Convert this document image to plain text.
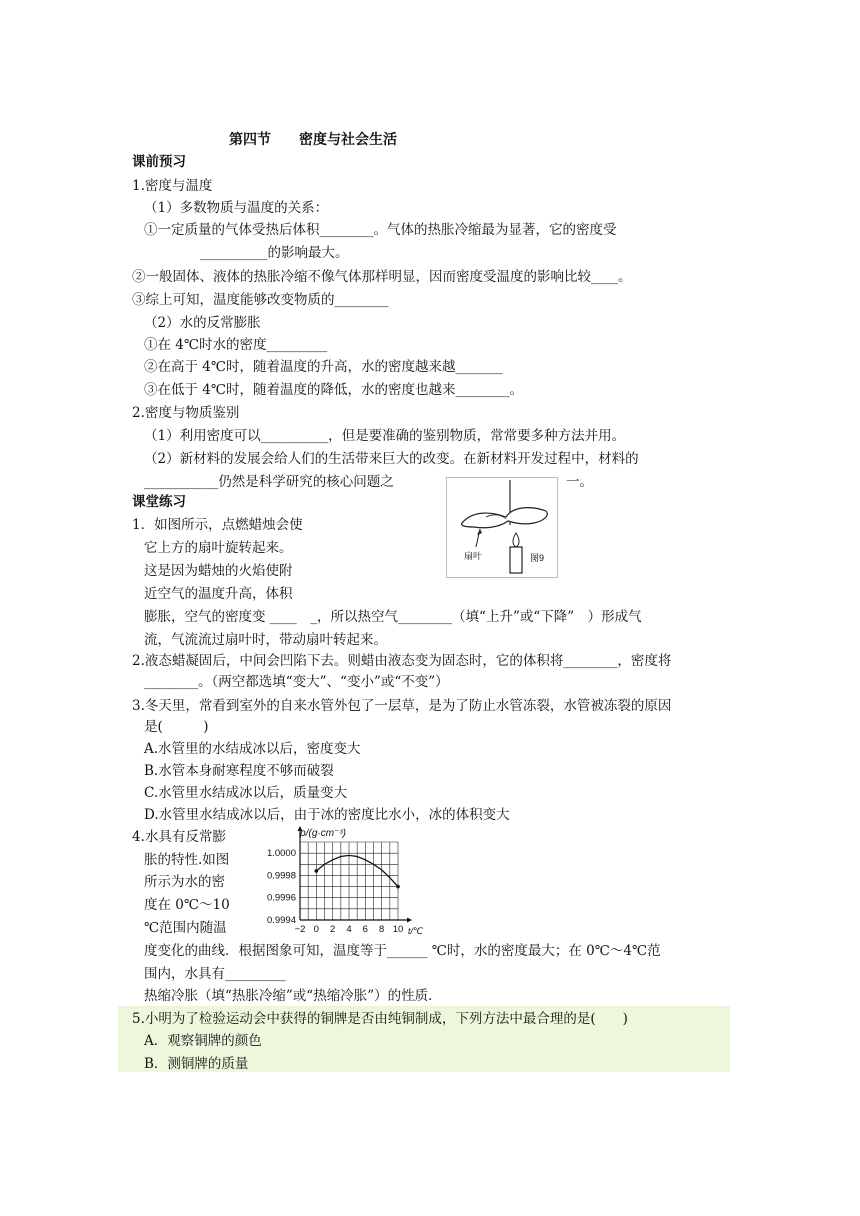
第四节　　密度与社会生活
课前预习
1.密度与温度
（1）多数物质与温度的关系：
①一定质量的气体受热后体积________。气体的热胀冷缩最为显著，它的密度受
__________的影响最大。
②一般固体、液体的热胀冷缩不像气体那样明显，因而密度受温度的影响比较____。
③综上可知，温度能够改变物质的________
（2）水的反常膨胀
①在 4℃时水的密度_________
②在高于 4℃时，随着温度的升高，水的密度越来越_______
③在低于 4℃时，随着温度的降低，水的密度也越来________。
2.密度与物质鉴别
（1）利用密度可以__________，但是要准确的鉴别物质，常常要多种方法并用。
（2）新材料的发展会给人们的生活带来巨大的改变。在新材料开发过程中，材料的
___________仍然是科学研究的核心问题之	一。
课堂练习
1．如图所示，点燃蜡烛会使
它上方的扇叶旋转起来。
这是因为蜡烛的火焰使附
近空气的温度升高，体积
膨胀，空气的密度变 ____　_，所以热空气________（填“上升”或“下降”　）形成气
流，气流流过扇叶时，带动扇叶转起来。
扇叶	图9
2.液态蜡凝固后，中间会凹陷下去。则蜡由液态变为固态时，它的体积将________，密度将
________。（两空都选填“变大”、“变小”或“不变”）
3.冬天里，常看到室外的自来水管外包了一层草，是为了防止水管冻裂，水管被冻裂的原因
是(　　　)
A.水管里的水结成冰以后，密度变大
B.水管本身耐寒程度不够而破裂
C.水管里水结成冰以后，质量变大
D.水管里水结成冰以后，由于冰的密度比水小，冰的体积变大
4.水具有反常膨
胀的特性.如图
所示为水的密
度在 0℃～10
℃范围内随温
度变化的曲线．根据图象可知，温度等于______ ℃时，水的密度最大；在 0℃～4℃范
围内，水具有_________
热缩冷胀（填“热胀冷缩”或“热缩冷胀”）的性质．
−2 0 2 4 6 8 10
1.0000
0.9998
0.9996
0.9994
ρ/(g·cm⁻³)
t/℃
5.小明为了检验运动会中获得的铜牌是否由纯铜制成，下列方法中最合理的是(　　)
A．观察铜牌的颜色
B．测铜牌的质量
